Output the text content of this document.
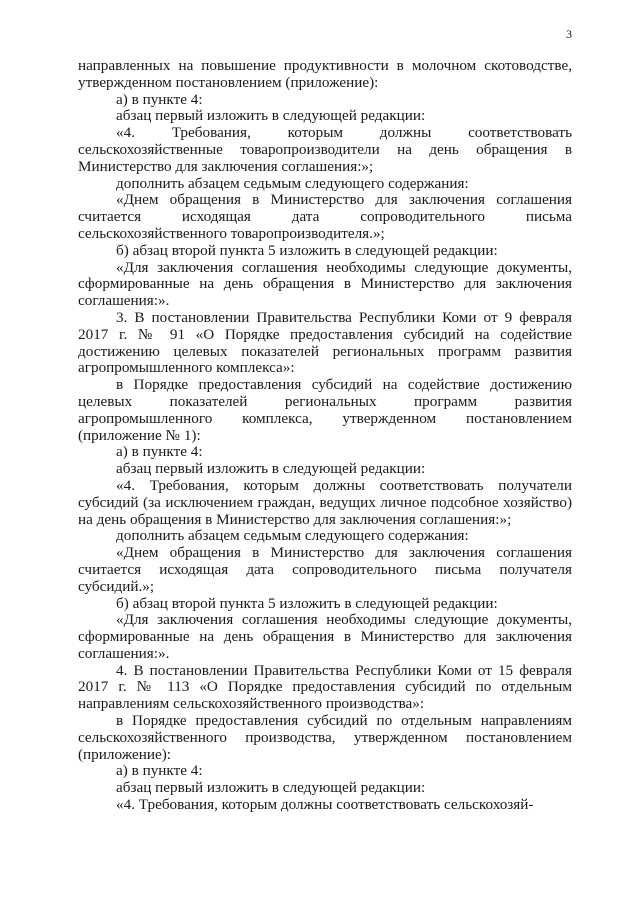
3

направленных на повышение продуктивности в молочном скотоводстве, утвержденном постановлением (приложение):

а) в пункте 4:

абзац первый изложить в следующей редакции:

«4. Требования, которым должны соответствовать сельскохозяйственные товаропроизводители на день обращения в Министерство для заключения соглашения:»;

дополнить абзацем седьмым следующего содержания:

«Днем обращения в Министерство для заключения соглашения считается исходящая дата сопроводительного письма сельскохозяйственного товаропроизводителя.»;

б) абзац второй пункта 5 изложить в следующей редакции:

«Для заключения соглашения необходимы следующие документы, сформированные на день обращения в Министерство для заключения соглашения:».

3. В постановлении Правительства Республики Коми от 9 февраля 2017 г. № 91 «О Порядке предоставления субсидий на содействие достижению целевых показателей региональных программ развития агропромышленного комплекса»:

в Порядке предоставления субсидий на содействие достижению целевых показателей региональных программ развития агропромышленного комплекса, утвержденном постановлением (приложение № 1):

а) в пункте 4:

абзац первый изложить в следующей редакции:

«4. Требования, которым должны соответствовать получатели субсидий (за исключением граждан, ведущих личное подсобное хозяйство) на день обращения в Министерство для заключения соглашения:»;

дополнить абзацем седьмым следующего содержания:

«Днем обращения в Министерство для заключения соглашения считается исходящая дата сопроводительного письма получателя субсидий.»;

б) абзац второй пункта 5 изложить в следующей редакции:

«Для заключения соглашения необходимы следующие документы, сформированные на день обращения в Министерство для заключения соглашения:».

4. В постановлении Правительства Республики Коми от 15 февраля 2017 г. № 113 «О Порядке предоставления субсидий по отдельным направлениям сельскохозяйственного производства»:

в Порядке предоставления субсидий по отдельным направлениям сельскохозяйственного производства, утвержденном постановлением (приложение):

а) в пункте 4:

абзац первый изложить в следующей редакции:

«4. Требования, которым должны соответствовать сельскохозяй-
